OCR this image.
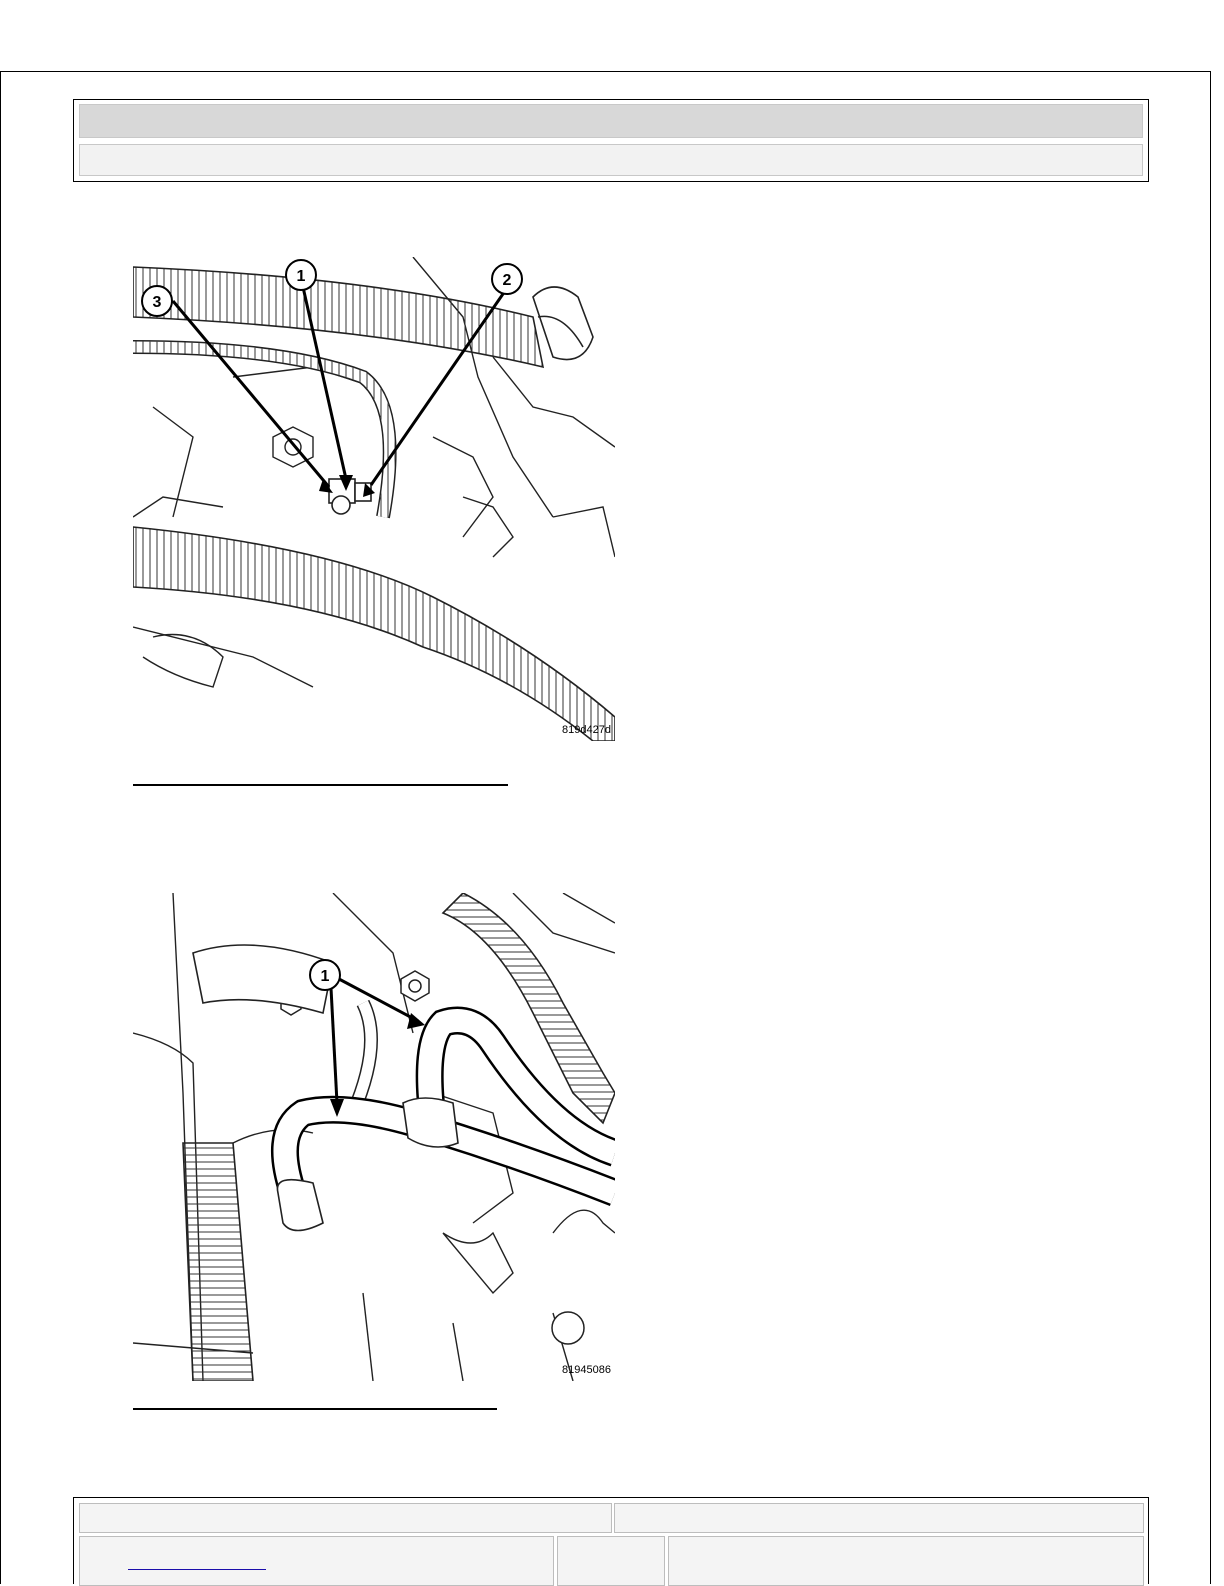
1	2
3
819d427d
1
81945086
